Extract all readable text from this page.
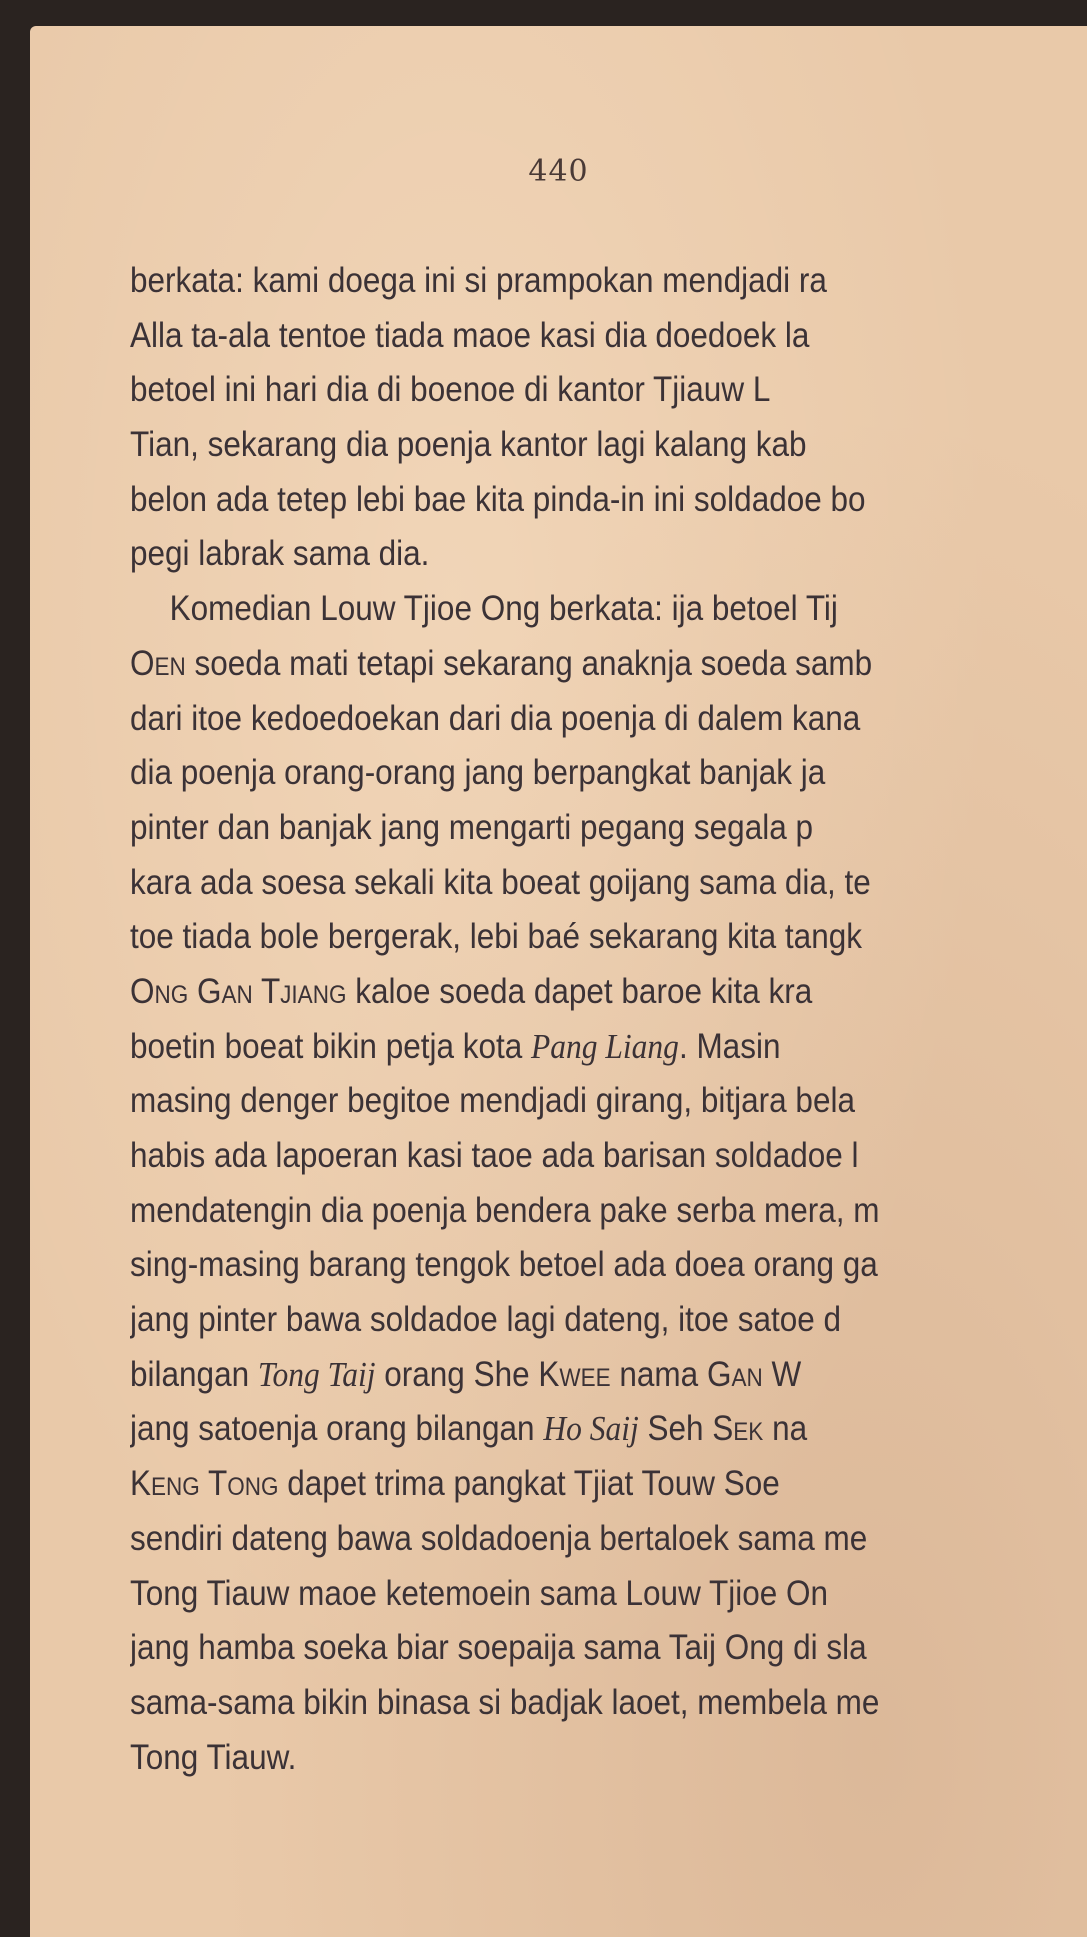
440
berkata: kami doega ini si prampokan mendjadi ra
Alla ta-ala tentoe tiada maoe kasi dia doedoek la
betoel ini hari dia di boenoe di kantor Tjiauw L
Tian, sekarang dia poenja kantor lagi kalang kab
belon ada tetep lebi bae kita pinda-in ini soldadoe bo
pegi labrak sama dia.
Komedian Louw Tjioe Ong berkata: ija betoel Tij
Oen soeda mati tetapi sekarang anaknja soeda samb
dari itoe kedoedoekan dari dia poenja di dalem kana
dia poenja orang-orang jang berpangkat banjak ja
pinter dan banjak jang mengarti pegang segala p
kara ada soesa sekali kita boeat goijang sama dia, te
toe tiada bole bergerak, lebi baé sekarang kita tangk
Ong Gan Tjiang kaloe soeda dapet baroe kita kra
boetin boeat bikin petja kota Pang Liang. Masin
masing denger begitoe mendjadi girang, bitjara bela
habis ada lapoeran kasi taoe ada barisan soldadoe l
mendatengin dia poenja bendera pake serba mera, m
sing-masing barang tengok betoel ada doea orang ga
jang pinter bawa soldadoe lagi dateng, itoe satoe d
bilangan Tong Taij orang She Kwee nama Gan W
jang satoenja orang bilangan Ho Saij Seh Sek na
Keng Tong dapet trima pangkat Tjiat Touw Soe
sendiri dateng bawa soldadoenja bertaloek sama me
Tong Tiauw maoe ketemoein sama Louw Tjioe On
jang hamba soeka biar soepaija sama Taij Ong di sla
sama-sama bikin binasa si badjak laoet, membela me
Tong Tiauw.
